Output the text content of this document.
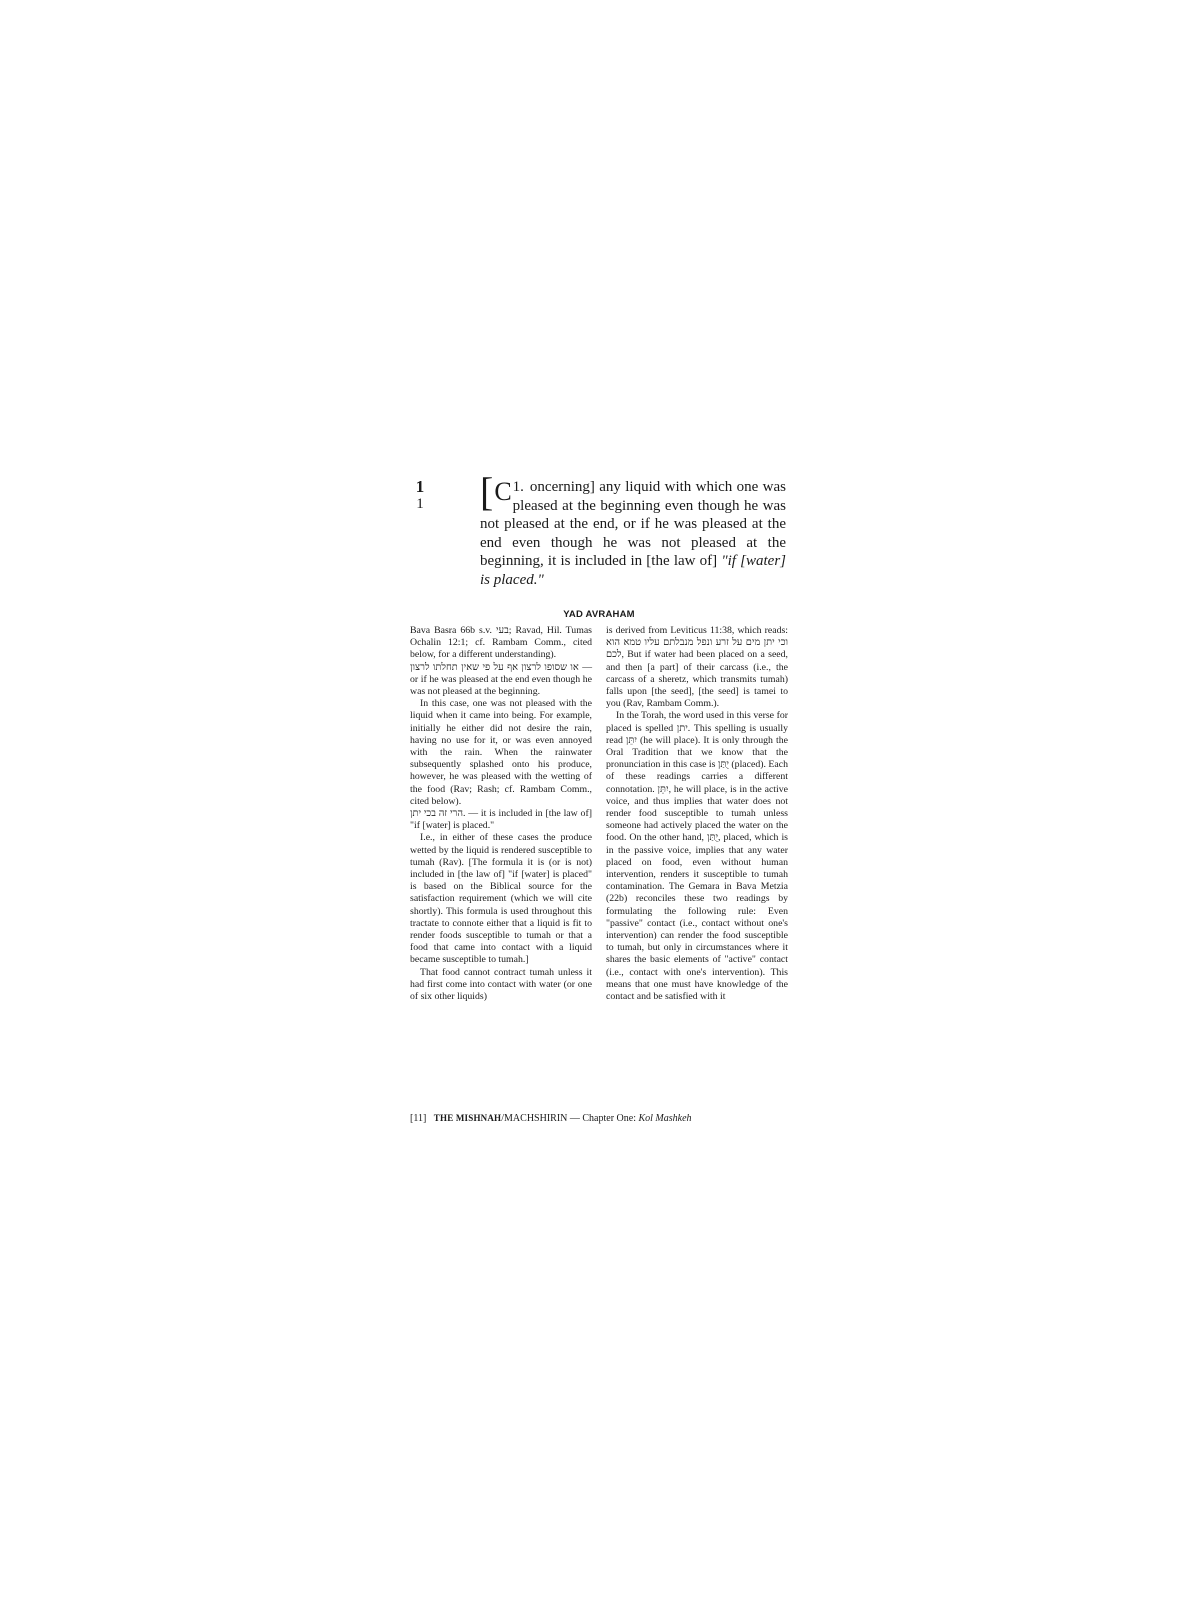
1
1
1.
[ C oncerning] any liquid with which one was pleased at the beginning even though he was not pleased at the end, or if he was pleased at the end even though he was not pleased at the beginning, it is included in [the law of] "if [water] is placed."
YAD AVRAHAM

Bava Basra 66b s.v. בעי; Ravad, Hil. Tumas Ochalin 12:1; cf. Rambam Comm., cited below, for a different understanding).

או שסופו לרצון אף על פי שאין תחלתו לרצון — or if he was pleased at the end even though he was not pleased at the beginning.

In this case, one was not pleased with the liquid when it came into being. For example, initially he either did not desire the rain, having no use for it, or was even annoyed with the rain. When the rainwater subsequently splashed onto his produce, however, he was pleased with the wetting of the food (Rav; Rash; cf. Rambam Comm., cited below).

הרי זה בכי יתן. — it is included in [the law of] "if [water] is placed."

I.e., in either of these cases the produce wetted by the liquid is rendered susceptible to tumah (Rav). [The formula it is (or is not) included in [the law of] "if [water] is placed" is based on the Biblical source for the satisfaction requirement (which we will cite shortly). This formula is used throughout this tractate to connote either that a liquid is fit to render foods susceptible to tumah or that a food that came into contact with a liquid became susceptible to tumah.]

That food cannot contract tumah unless it had first come into contact with water (or one of six other liquids)

is derived from Leviticus 11:38, which reads: וכי יתן מים על זרע ונפל מנבלתם עליו טמא הוא לכם, But if water had been placed on a seed, and then [a part] of their carcass (i.e., the carcass of a sheretz, which transmits tumah) falls upon [the seed], [the seed] is tamei to you (Rav, Rambam Comm.).

In the Torah, the word used in this verse for placed is spelled יתן. This spelling is usually read יִתֵּן (he will place). It is only through the Oral Tradition that we know that the pronunciation in this case is יֻתַּן (placed). Each of these readings carries a different connotation. יִתֵּן, he will place, is in the active voice, and thus implies that water does not render food susceptible to tumah unless someone had actively placed the water on the food. On the other hand, יֻתַּן, placed, which is in the passive voice, implies that any water placed on food, even without human intervention, renders it susceptible to tumah contamination. The Gemara in Bava Metzia (22b) reconciles these two readings by formulating the following rule: Even "passive" contact (i.e., contact without one's intervention) can render the food susceptible to tumah, but only in circumstances where it shares the basic elements of "active" contact (i.e., contact with one's intervention). This means that one must have knowledge of the contact and be satisfied with it

[11] THE MISHNAH/MACHSHIRIN — Chapter One: Kol Mashkeh
